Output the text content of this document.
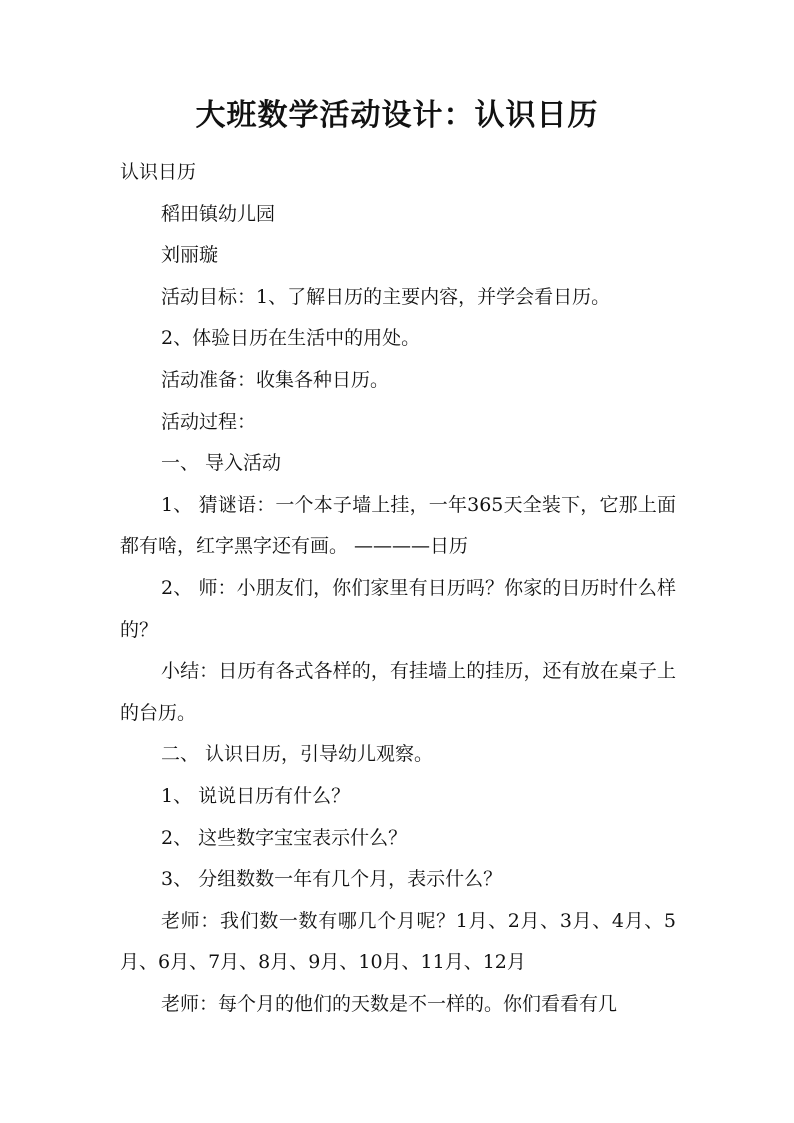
大班数学活动设计：认识日历

认识日历

稻田镇幼儿园

刘丽璇

活动目标：1、了解日历的主要内容，并学会看日历。

2、体验日历在生活中的用处。

活动准备：收集各种日历。

活动过程：

一、 导入活动

1、 猜谜语：一个本子墙上挂，一年365天全装下，它那上面都有啥，红字黑字还有画。 ————日历

2、 师：小朋友们，你们家里有日历吗？你家的日历时什么样的？

小结：日历有各式各样的，有挂墙上的挂历，还有放在桌子上的台历。

二、 认识日历，引导幼儿观察。

1、 说说日历有什么？

2、 这些数字宝宝表示什么？

3、 分组数数一年有几个月，表示什么？

老师：我们数一数有哪几个月呢？1月、2月、3月、4月、5月、6月、7月、8月、9月、10月、11月、12月

老师：每个月的他们的天数是不一样的。你们看看有几
